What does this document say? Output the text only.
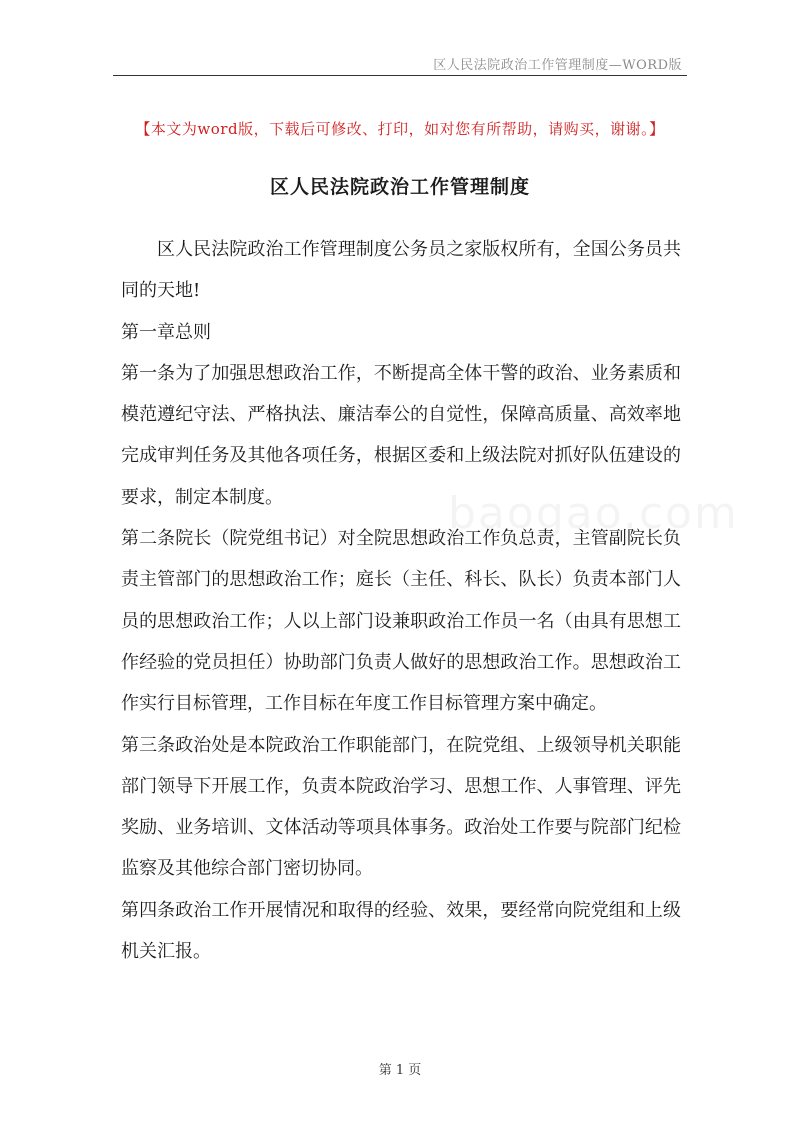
区人民法院政治工作管理制度—WORD版
【本文为word版，下载后可修改、打印，如对您有所帮助，请购买，谢谢。】
区人民法院政治工作管理制度

区人民法院政治工作管理制度公务员之家版权所有，全国公务员共同的天地!

第一章总则

第一条为了加强思想政治工作，不断提高全体干警的政治、业务素质和模范遵纪守法、严格执法、廉洁奉公的自觉性，保障高质量、高效率地完成审判任务及其他各项任务，根据区委和上级法院对抓好队伍建设的要求，制定本制度。

第二条院长（院党组书记）对全院思想政治工作负总责，主管副院长负责主管部门的思想政治工作；庭长（主任、科长、队长）负责本部门人员的思想政治工作；人以上部门设兼职政治工作员一名（由具有思想工作经验的党员担任）协助部门负责人做好的思想政治工作。思想政治工作实行目标管理，工作目标在年度工作目标管理方案中确定。

第三条政治处是本院政治工作职能部门，在院党组、上级领导机关职能部门领导下开展工作，负责本院政治学习、思想工作、人事管理、评先奖励、业务培训、文体活动等项具体事务。政治处工作要与院部门纪检监察及其他综合部门密切协同。

第四条政治工作开展情况和取得的经验、效果，要经常向院党组和上级机关汇报。

第 1 页
